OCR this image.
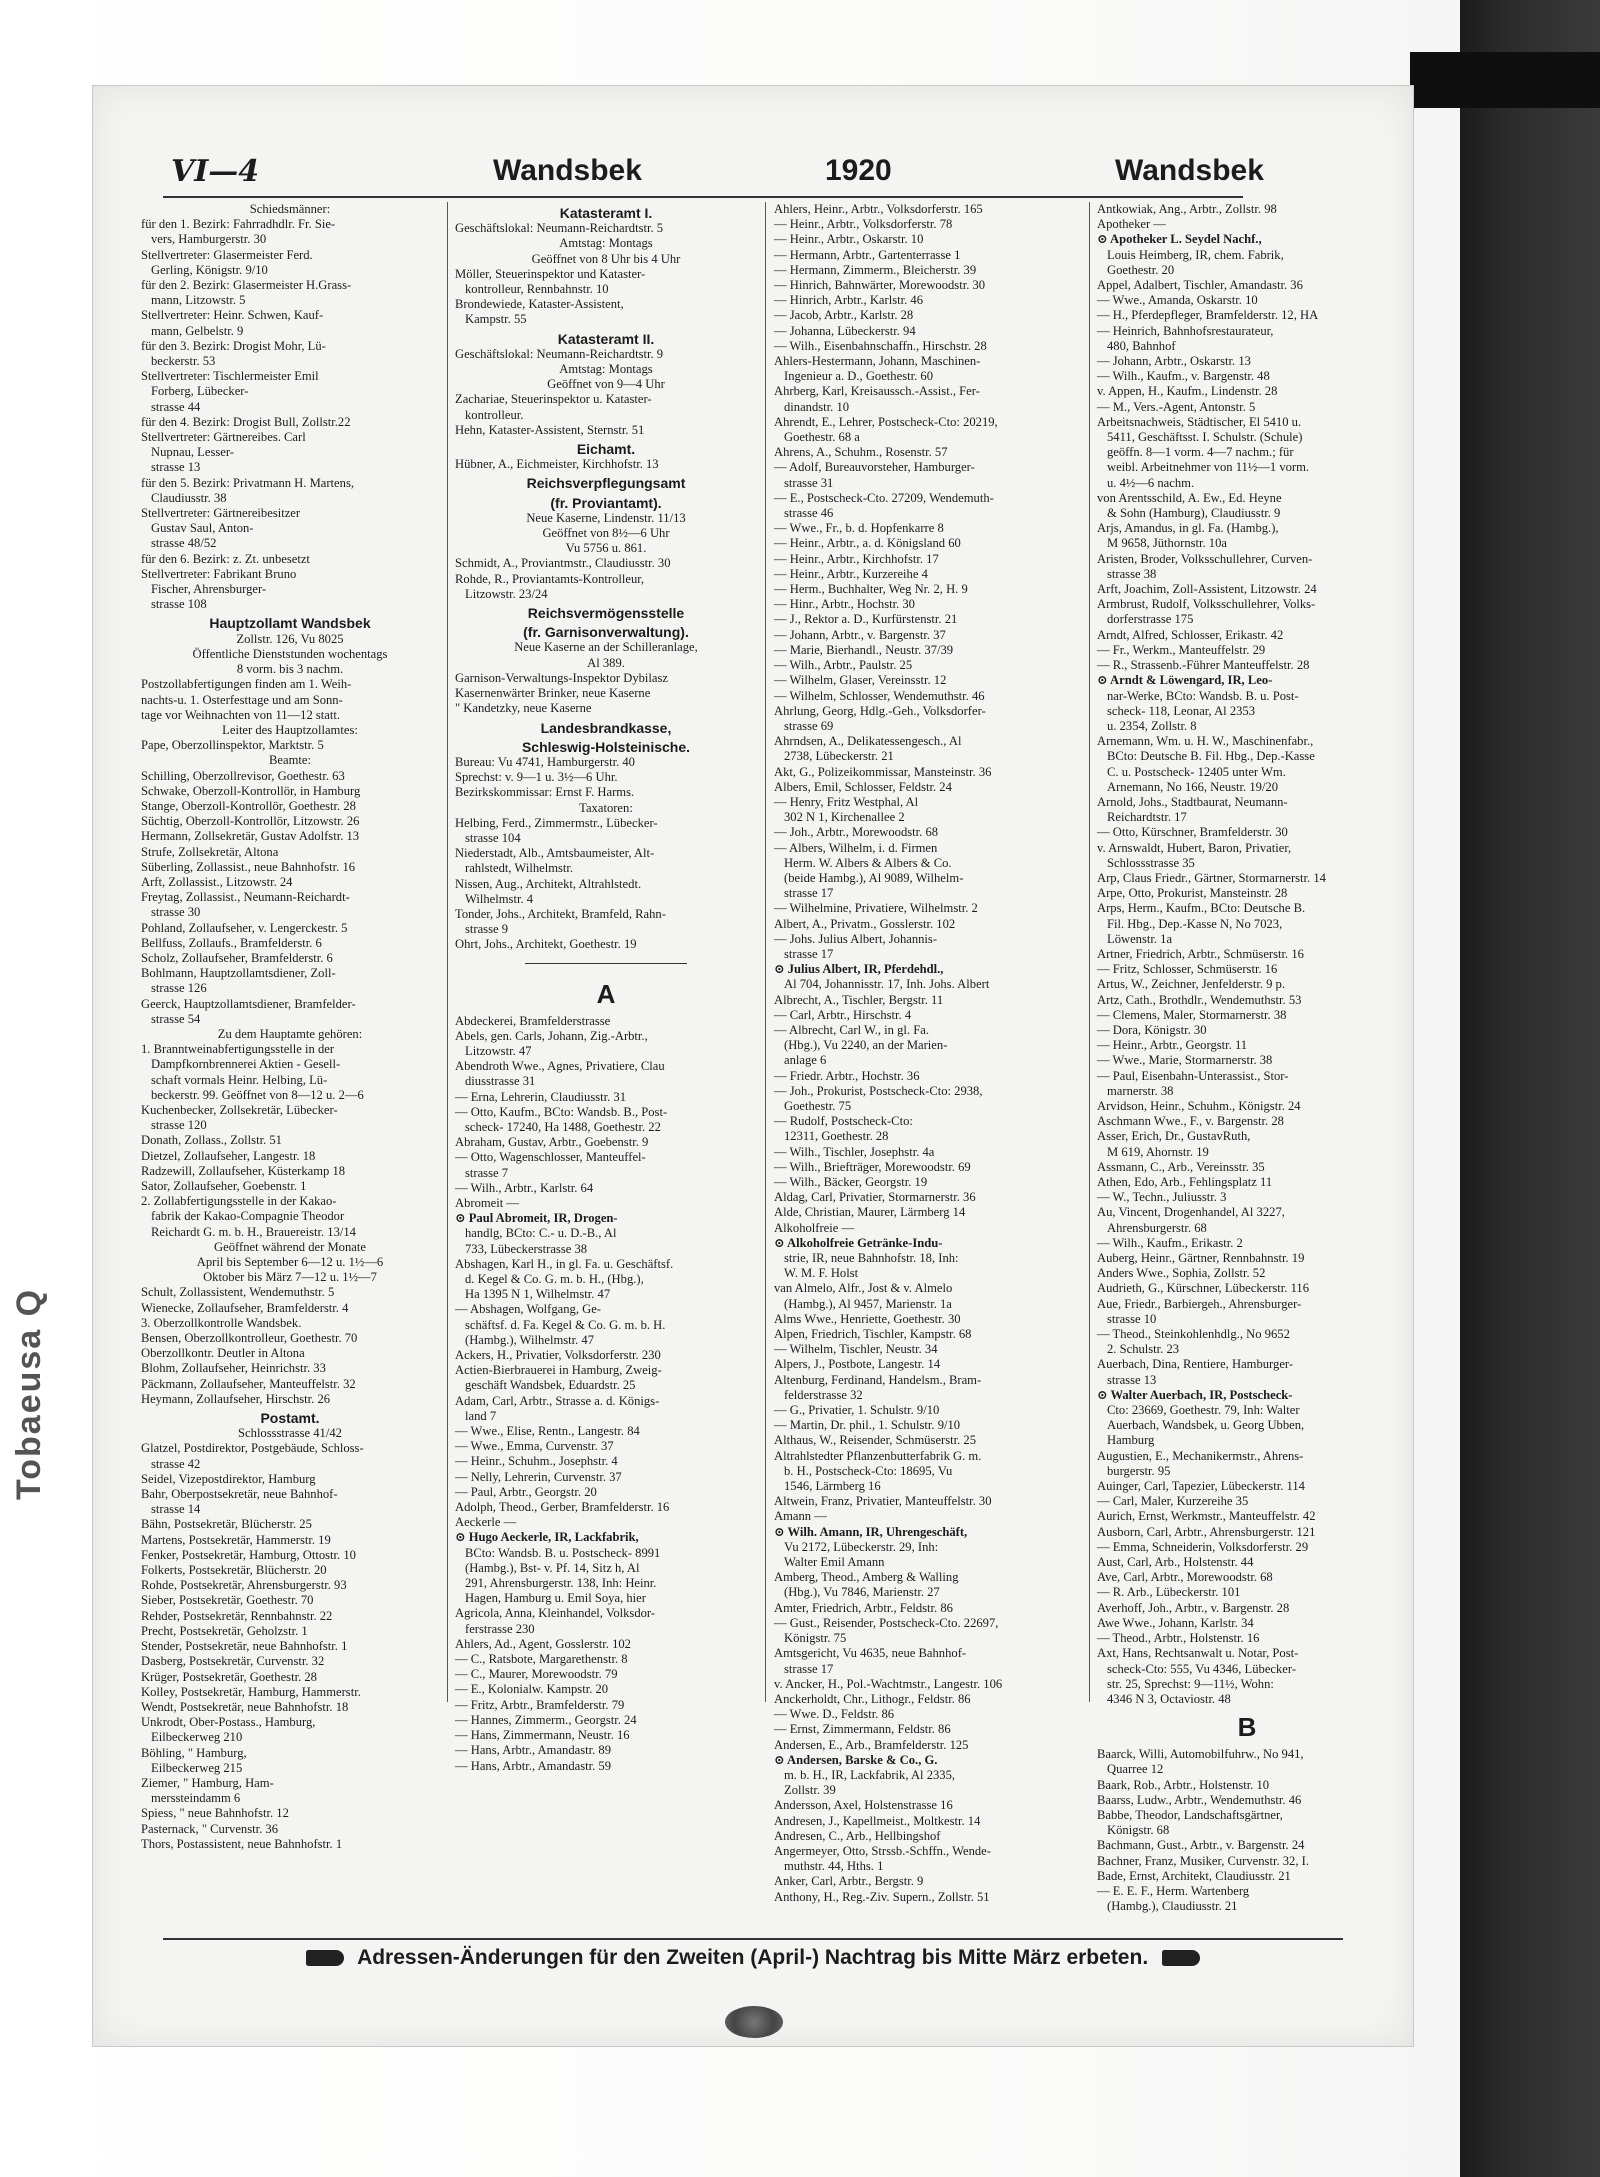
Tobaeusa Q
VI—4	Wandsbek	1920	Wandsbek
Schiedsmänner:
für den 1. Bezirk: Fahrradhdlr. Fr. Sie-
vers, Hamburgerstr. 30
Stellvertreter: Glasermeister Ferd.
Gerling, Königstr. 9/10
für den 2. Bezirk: Glasermeister H.Grass-
mann, Litzowstr. 5
Stellvertreter: Heinr. Schwen, Kauf-
mann, Gelbelstr. 9
für den 3. Bezirk: Drogist Mohr, Lü-
beckerstr. 53
Stellvertreter: Tischlermeister Emil
Forberg, Lübecker-
strasse 44
für den 4. Bezirk: Drogist Bull, Zollstr.22
Stellvertreter: Gärtnereibes. Carl
Nupnau, Lesser-
strasse 13
für den 5. Bezirk: Privatmann H. Martens,
Claudiusstr. 38
Stellvertreter: Gärtnereibesitzer
Gustav Saul, Anton-
strasse 48/52
für den 6. Bezirk: z. Zt. unbesetzt
Stellvertreter: Fabrikant Bruno
Fischer, Ahrensburger-
strasse 108
Hauptzollamt Wandsbek
Zollstr. 126, Vu 8025
Öffentliche Dienststunden wochentags
8 vorm. bis 3 nachm.
Postzollabfertigungen finden am 1. Weih-
nachts-u. 1. Osterfesttage und am Sonn-
tage vor Weihnachten von 11—12 statt.
Leiter des Hauptzollamtes:
Pape, Oberzollinspektor, Marktstr. 5
Beamte:
Schilling, Oberzollrevisor, Goethestr. 63
Schwake, Oberzoll-Kontrollör, in Hamburg
Stange, Oberzoll-Kontrollör, Goethestr. 28
Süchtig, Oberzoll-Kontrollör, Litzowstr. 26
Hermann, Zollsekretär, Gustav Adolfstr. 13
Strufe, Zollsekretär, Altona
Süberling, Zollassist., neue Bahnhofstr. 16
Arft, Zollassist., Litzowstr. 24
Freytag, Zollassist., Neumann-Reichardt-
strasse 30
Pohland, Zollaufseher, v. Lengerckestr. 5
Bellfuss, Zollaufs., Bramfelderstr. 6
Scholz, Zollaufseher, Bramfelderstr. 6
Bohlmann, Hauptzollamtsdiener, Zoll-
strasse 126
Geerck, Hauptzollamtsdiener, Bramfelder-
strasse 54
Zu dem Hauptamte gehören:
1. Branntweinabfertigungsstelle in der
Dampfkornbrennerei Aktien - Gesell-
schaft vormals Heinr. Helbing, Lü-
beckerstr. 99. Geöffnet von 8—12 u. 2—6
Kuchenbecker, Zollsekretär, Lübecker-
strasse 120
Donath, Zollass., Zollstr. 51
Dietzel, Zollaufseher, Langestr. 18
Radzewill, Zollaufseher, Küsterkamp 18
Sator, Zollaufseher, Goebenstr. 1
2. Zollabfertigungsstelle in der Kakao-
fabrik der Kakao-Compagnie Theodor
Reichardt G. m. b. H., Brauereistr. 13/14
Geöffnet während der Monate
April bis September 6—12 u. 1½—6
Oktober bis März 7—12 u. 1½—7
Schult, Zollassistent, Wendemuthstr. 5
Wienecke, Zollaufseher, Bramfelderstr. 4
3. Oberzollkontrolle Wandsbek.
Bensen, Oberzollkontrolleur, Goethestr. 70
Oberzollkontr. Deutler in Altona
Blohm, Zollaufseher, Heinrichstr. 33
Päckmann, Zollaufseher, Manteuffelstr. 32
Heymann, Zollaufseher, Hirschstr. 26
Postamt.
Schlossstrasse 41/42
Glatzel, Postdirektor, Postgebäude, Schloss-
strasse 42
Seidel, Vizepostdirektor, Hamburg
Bahr, Oberpostsekretär, neue Bahnhof-
strasse 14
Bähn, Postsekretär, Blücherstr. 25
Martens, Postsekretär, Hammerstr. 19
Fenker, Postsekretär, Hamburg, Ottostr. 10
Folkerts, Postsekretär, Blücherstr. 20
Rohde, Postsekretär, Ahrensburgerstr. 93
Sieber, Postsekretär, Goethestr. 70
Rehder, Postsekretär, Rennbahnstr. 22
Precht, Postsekretär, Geholzstr. 1
Stender, Postsekretär, neue Bahnhofstr. 1
Dasberg, Postsekretär, Curvenstr. 32
Krüger, Postsekretär, Goethestr. 28
Kolley, Postsekretär, Hamburg, Hammerstr.
Wendt, Postsekretär, neue Bahnhofstr. 18
Unkrodt, Ober-Postass., Hamburg,
Eilbeckerweg 210
Böhling, " Hamburg,
Eilbeckerweg 215
Ziemer, " Hamburg, Ham-
merssteindamm 6
Spiess, " neue Bahnhofstr. 12
Pasternack, " Curvenstr. 36
Thors, Postassistent, neue Bahnhofstr. 1
Katasteramt I.
Geschäftslokal: Neumann-Reichardtstr. 5
Amtstag: Montags
Geöffnet von 8 Uhr bis 4 Uhr
Möller, Steuerinspektor und Kataster-
kontrolleur, Rennbahnstr. 10
Brondewiede, Kataster-Assistent,
Kampstr. 55
Katasteramt II.
Geschäftslokal: Neumann-Reichardtstr. 9
Amtstag: Montags
Geöffnet von 9—4 Uhr
Zachariae, Steuerinspektor u. Kataster-
kontrolleur.
Hehn, Kataster-Assistent, Sternstr. 51
Eichamt.
Hübner, A., Eichmeister, Kirchhofstr. 13
Reichsverpflegungsamt
(fr. Proviantamt).
Neue Kaserne, Lindenstr. 11/13
Geöffnet von 8½—6 Uhr
Vu 5756 u. 861.
Schmidt, A., Proviantmstr., Claudiusstr. 30
Rohde, R., Proviantamts-Kontrolleur,
Litzowstr. 23/24
Reichsvermögensstelle
(fr. Garnisonverwaltung).
Neue Kaserne an der Schilleranlage,
Al 389.
Garnison-Verwaltungs-Inspektor Dybilasz
Kasernenwärter Brinker, neue Kaserne
" Kandetzky, neue Kaserne
Landesbrandkasse,
Schleswig-Holsteinische.
Bureau: Vu 4741, Hamburgerstr. 40
Sprechst: v. 9—1 u. 3½—6 Uhr.
Bezirkskommissar: Ernst F. Harms.
Taxatoren:
Helbing, Ferd., Zimmermstr., Lübecker-
strasse 104
Niederstadt, Alb., Amtsbaumeister, Alt-
rahlstedt, Wilhelmstr.
Nissen, Aug., Architekt, Altrahlstedt.
Wilhelmstr. 4
Tonder, Johs., Architekt, Bramfeld, Rahn-
strasse 9
Ohrt, Johs., Architekt, Goethestr. 19
A
Abdeckerei, Bramfelderstrasse
Abels, gen. Carls, Johann, Zig.-Arbtr.,
Litzowstr. 47
Abendroth Wwe., Agnes, Privatiere, Clau
diusstrasse 31
— Erna, Lehrerin, Claudiusstr. 31
— Otto, Kaufm., BCto: Wandsb. B., Post-
scheck- 17240, Ha 1488, Goethestr. 22
Abraham, Gustav, Arbtr., Goebenstr. 9
— Otto, Wagenschlosser, Manteuffel-
strasse 7
— Wilh., Arbtr., Karlstr. 64
Abromeit —
⊙ Paul Abromeit, IR, Drogen-
handlg, BCto: C.- u. D.-B., Al
733, Lübeckerstrasse 38
Abshagen, Karl H., in gl. Fa. u. Geschäftsf.
d. Kegel & Co. G. m. b. H., (Hbg.),
Ha 1395 N 1, Wilhelmstr. 47
— Abshagen, Wolfgang, Ge-
schäftsf. d. Fa. Kegel & Co. G. m. b. H.
(Hambg.), Wilhelmstr. 47
Ackers, H., Privatier, Volksdorferstr. 230
Actien-Bierbrauerei in Hamburg, Zweig-
geschäft Wandsbek, Eduardstr. 25
Adam, Carl, Arbtr., Strasse a. d. Königs-
land 7
— Wwe., Elise, Rentn., Langestr. 84
— Wwe., Emma, Curvenstr. 37
— Heinr., Schuhm., Josephstr. 4
— Nelly, Lehrerin, Curvenstr. 37
— Paul, Arbtr., Georgstr. 20
Adolph, Theod., Gerber, Bramfelderstr. 16
Aeckerle —
⊙ Hugo Aeckerle, IR, Lackfabrik,
BCto: Wandsb. B. u. Postscheck- 8991
(Hambg.), Bst- v. Pf. 14, Sitz h, Al
291, Ahrensburgerstr. 138, Inh: Heinr.
Hagen, Hamburg u. Emil Soya, hier
Agricola, Anna, Kleinhandel, Volksdor-
ferstrasse 230
Ahlers, Ad., Agent, Gosslerstr. 102
— C., Ratsbote, Margarethenstr. 8
— C., Maurer, Morewoodstr. 79
— E., Kolonialw. Kampstr. 20
— Fritz, Arbtr., Bramfelderstr. 79
— Hannes, Zimmerm., Georgstr. 24
— Hans, Zimmermann, Neustr. 16
— Hans, Arbtr., Amandastr. 89
— Hans, Arbtr., Amandastr. 59
Ahlers, Heinr., Arbtr., Volksdorferstr. 165
— Heinr., Arbtr., Volksdorferstr. 78
— Heinr., Arbtr., Oskarstr. 10
— Hermann, Arbtr., Gartenterrasse 1
— Hermann, Zimmerm., Bleicherstr. 39
— Hinrich, Bahnwärter, Morewoodstr. 30
— Hinrich, Arbtr., Karlstr. 46
— Jacob, Arbtr., Karlstr. 28
— Johanna, Lübeckerstr. 94
— Wilh., Eisenbahnschaffn., Hirschstr. 28
Ahlers-Hestermann, Johann, Maschinen-
Ingenieur a. D., Goethestr. 60
Ahrberg, Karl, Kreisaussch.-Assist., Fer-
dinandstr. 10
Ahrendt, E., Lehrer, Postscheck-Cto: 20219,
Goethestr. 68 a
Ahrens, A., Schuhm., Rosenstr. 57
— Adolf, Bureauvorsteher, Hamburger-
strasse 31
— E., Postscheck-Cto. 27209, Wendemuth-
strasse 46
— Wwe., Fr., b. d. Hopfenkarre 8
— Heinr., Arbtr., a. d. Königsland 60
— Heinr., Arbtr., Kirchhofstr. 17
— Heinr., Arbtr., Kurzereihe 4
— Herm., Buchhalter, Weg Nr. 2, H. 9
— Hinr., Arbtr., Hochstr. 30
— J., Rektor a. D., Kurfürstenstr. 21
— Johann, Arbtr., v. Bargenstr. 37
— Marie, Bierhandl., Neustr. 37/39
— Wilh., Arbtr., Paulstr. 25
— Wilhelm, Glaser, Vereinsstr. 12
— Wilhelm, Schlosser, Wendemuthstr. 46
Ahrlung, Georg, Hdlg.-Geh., Volksdorfer-
strasse 69
Ahrndsen, A., Delikatessengesch., Al
2738, Lübeckerstr. 21
Akt, G., Polizeikommissar, Mansteinstr. 36
Albers, Emil, Schlosser, Feldstr. 24
— Henry, Fritz Westphal, Al
302 N 1, Kirchenallee 2
— Joh., Arbtr., Morewoodstr. 68
— Albers, Wilhelm, i. d. Firmen
Herm. W. Albers & Albers & Co.
(beide Hambg.), Al 9089, Wilhelm-
strasse 17
— Wilhelmine, Privatiere, Wilhelmstr. 2
Albert, A., Privatm., Gosslerstr. 102
— Johs. Julius Albert, Johannis-
strasse 17
⊙ Julius Albert, IR, Pferdehdl.,
Al 704, Johannisstr. 17, Inh. Johs. Albert
Albrecht, A., Tischler, Bergstr. 11
— Carl, Arbtr., Hirschstr. 4
— Albrecht, Carl W., in gl. Fa.
(Hbg.), Vu 2240, an der Marien-
anlage 6
— Friedr. Arbtr., Hochstr. 36
— Joh., Prokurist, Postscheck-Cto: 2938,
Goethestr. 75
— Rudolf, Postscheck-Cto:
12311, Goethestr. 28
— Wilh., Tischler, Josephstr. 4a
— Wilh., Briefträger, Morewoodstr. 69
— Wilh., Bäcker, Georgstr. 19
Aldag, Carl, Privatier, Stormarnerstr. 36
Alde, Christian, Maurer, Lärmberg 14
Alkoholfreie —
⊙ Alkoholfreie Getränke-Indu-
strie, IR, neue Bahnhofstr. 18, Inh:
W. M. F. Holst
van Almelo, Alfr., Jost & v. Almelo
(Hambg.), Al 9457, Marienstr. 1a
Alms Wwe., Henriette, Goethestr. 30
Alpen, Friedrich, Tischler, Kampstr. 68
— Wilhelm, Tischler, Neustr. 34
Alpers, J., Postbote, Langestr. 14
Altenburg, Ferdinand, Handelsm., Bram-
felderstrasse 32
— G., Privatier, 1. Schulstr. 9/10
— Martin, Dr. phil., 1. Schulstr. 9/10
Althaus, W., Reisender, Schmüserstr. 25
Altrahlstedter Pflanzenbutterfabrik G. m.
b. H., Postscheck-Cto: 18695, Vu
1546, Lärmberg 16
Altwein, Franz, Privatier, Manteuffelstr. 30
Amann —
⊙ Wilh. Amann, IR, Uhrengeschäft,
Vu 2172, Lübeckerstr. 29, Inh:
Walter Emil Amann
Amberg, Theod., Amberg & Walling
(Hbg.), Vu 7846, Marienstr. 27
Amter, Friedrich, Arbtr., Feldstr. 86
— Gust., Reisender, Postscheck-Cto. 22697,
Königstr. 75
Amtsgericht, Vu 4635, neue Bahnhof-
strasse 17
v. Ancker, H., Pol.-Wachtmstr., Langestr. 106
Anckerholdt, Chr., Lithogr., Feldstr. 86
— Wwe. D., Feldstr. 86
— Ernst, Zimmermann, Feldstr. 86
Andersen, E., Arb., Bramfelderstr. 125
⊙ Andersen, Barske & Co., G.
m. b. H., IR, Lackfabrik, Al 2335,
Zollstr. 39
Andersson, Axel, Holstenstrasse 16
Andresen, J., Kapellmeist., Moltkestr. 14
Andresen, C., Arb., Hellbingshof
Angermeyer, Otto, Strssb.-Schffn., Wende-
muthstr. 44, Hths. 1
Anker, Carl, Arbtr., Bergstr. 9
Anthony, H., Reg.-Ziv. Supern., Zollstr. 51
Antkowiak, Ang., Arbtr., Zollstr. 98
Apotheker —
⊙ Apotheker L. Seydel Nachf.,
Louis Heimberg, IR, chem. Fabrik,
Goethestr. 20
Appel, Adalbert, Tischler, Amandastr. 36
— Wwe., Amanda, Oskarstr. 10
— H., Pferdepfleger, Bramfelderstr. 12, HA
— Heinrich, Bahnhofsrestaurateur,
480, Bahnhof
— Johann, Arbtr., Oskarstr. 13
— Wilh., Kaufm., v. Bargenstr. 48
v. Appen, H., Kaufm., Lindenstr. 28
— M., Vers.-Agent, Antonstr. 5
Arbeitsnachweis, Städtischer, El 5410 u.
5411, Geschäftsst. I. Schulstr. (Schule)
geöffn. 8—1 vorm. 4—7 nachm.; für
weibl. Arbeitnehmer von 11½—1 vorm.
u. 4½—6 nachm.
von Arentsschild, A. Ew., Ed. Heyne
& Sohn (Hamburg), Claudiusstr. 9
Arjs, Amandus, in gl. Fa. (Hambg.),
M 9658, Jüthornstr. 10a
Aristen, Broder, Volksschullehrer, Curven-
strasse 38
Arft, Joachim, Zoll-Assistent, Litzowstr. 24
Armbrust, Rudolf, Volksschullehrer, Volks-
dorferstrasse 175
Arndt, Alfred, Schlosser, Erikastr. 42
— Fr., Werkm., Manteuffelstr. 29
— R., Strassenb.-Führer Manteuffelstr. 28
⊙ Arndt & Löwengard, IR, Leo-
nar-Werke, BCto: Wandsb. B. u. Post-
scheck- 118, Leonar, Al 2353
u. 2354, Zollstr. 8
Arnemann, Wm. u. H. W., Maschinenfabr.,
BCto: Deutsche B. Fil. Hbg., Dep.-Kasse
C. u. Postscheck- 12405 unter Wm.
Arnemann, No 166, Neustr. 19/20
Arnold, Johs., Stadtbaurat, Neumann-
Reichardtstr. 17
— Otto, Kürschner, Bramfelderstr. 30
v. Arnswaldt, Hubert, Baron, Privatier,
Schlossstrasse 35
Arp, Claus Friedr., Gärtner, Stormarnerstr. 14
Arpe, Otto, Prokurist, Mansteinstr. 28
Arps, Herm., Kaufm., BCto: Deutsche B.
Fil. Hbg., Dep.-Kasse N, No 7023,
Löwenstr. 1a
Artner, Friedrich, Arbtr., Schmüserstr. 16
— Fritz, Schlosser, Schmüserstr. 16
Artus, W., Zeichner, Jenfelderstr. 9 p.
Artz, Cath., Brothdlr., Wendemuthstr. 53
— Clemens, Maler, Stormarnerstr. 38
— Dora, Königstr. 30
— Heinr., Arbtr., Georgstr. 11
— Wwe., Marie, Stormarnerstr. 38
— Paul, Eisenbahn-Unterassist., Stor-
marnerstr. 38
Arvidson, Heinr., Schuhm., Königstr. 24
Aschmann Wwe., F., v. Bargenstr. 28
Asser, Erich, Dr., GustavRuth,
M 619, Ahornstr. 19
Assmann, C., Arb., Vereinsstr. 35
Athen, Edo, Arb., Fehlingsplatz 11
— W., Techn., Juliusstr. 3
Au, Vincent, Drogenhandel, Al 3227,
Ahrensburgerstr. 68
— Wilh., Kaufm., Erikastr. 2
Auberg, Heinr., Gärtner, Rennbahnstr. 19
Anders Wwe., Sophia, Zollstr. 52
Audrieth, G., Kürschner, Lübeckerstr. 116
Aue, Friedr., Barbiergeh., Ahrensburger-
strasse 10
— Theod., Steinkohlenhdlg., No 9652
2. Schulstr. 23
Auerbach, Dina, Rentiere, Hamburger-
strasse 13
⊙ Walter Auerbach, IR, Postscheck-
Cto: 23669, Goethestr. 79, Inh: Walter
Auerbach, Wandsbek, u. Georg Ubben,
Hamburg
Augustien, E., Mechanikermstr., Ahrens-
burgerstr. 95
Auinger, Carl, Tapezier, Lübeckerstr. 114
— Carl, Maler, Kurzereihe 35
Aurich, Ernst, Werkmstr., Manteuffelstr. 42
Ausborn, Carl, Arbtr., Ahrensburgerstr. 121
— Emma, Schneiderin, Volksdorferstr. 29
Aust, Carl, Arb., Holstenstr. 44
Ave, Carl, Arbtr., Morewoodstr. 68
— R. Arb., Lübeckerstr. 101
Averhoff, Joh., Arbtr., v. Bargenstr. 28
Awe Wwe., Johann, Karlstr. 34
— Theod., Arbtr., Holstenstr. 16
Axt, Hans, Rechtsanwalt u. Notar, Post-
scheck-Cto: 555, Vu 4346, Lübecker-
str. 25, Sprechst: 9—11½, Wohn:
4346 N 3, Octaviostr. 48
B
Baarck, Willi, Automobilfuhrw., No 941,
Quarree 12
Baark, Rob., Arbtr., Holstenstr. 10
Baarss, Ludw., Arbtr., Wendemuthstr. 46
Babbe, Theodor, Landschaftsgärtner,
Königstr. 68
Bachmann, Gust., Arbtr., v. Bargenstr. 24
Bachner, Franz, Musiker, Curvenstr. 32, I.
Bade, Ernst, Architekt, Claudiusstr. 21
— E. E. F., Herm. Wartenberg
(Hambg.), Claudiusstr. 21
Adressen-Änderungen für den Zweiten (April-) Nachtrag bis Mitte März erbeten.
